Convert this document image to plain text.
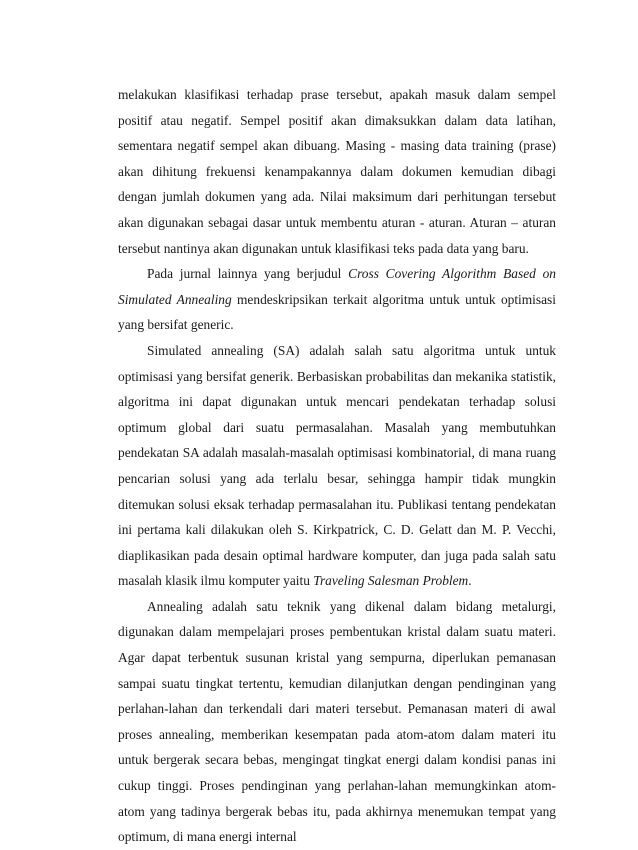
melakukan klasifikasi terhadap prase tersebut, apakah masuk dalam sempel positif atau negatif. Sempel positif akan dimaksukkan dalam data latihan, sementara negatif sempel akan dibuang. Masing - masing data training (prase) akan dihitung frekuensi kenampakannya dalam dokumen kemudian dibagi dengan jumlah dokumen yang ada. Nilai maksimum dari perhitungan tersebut akan digunakan sebagai dasar untuk membentu aturan - aturan. Aturan – aturan tersebut nantinya akan digunakan untuk klasifikasi teks pada data yang baru.

Pada jurnal lainnya yang berjudul Cross Covering Algorithm Based on Simulated Annealing mendeskripsikan terkait algoritma untuk untuk optimisasi yang bersifat generic.

Simulated annealing (SA) adalah salah satu algoritma untuk untuk optimisasi yang bersifat generik. Berbasiskan probabilitas dan mekanika statistik, algoritma ini dapat digunakan untuk mencari pendekatan terhadap solusi optimum global dari suatu permasalahan. Masalah yang membutuhkan pendekatan SA adalah masalah-masalah optimisasi kombinatorial, di mana ruang pencarian solusi yang ada terlalu besar, sehingga hampir tidak mungkin ditemukan solusi eksak terhadap permasalahan itu. Publikasi tentang pendekatan ini pertama kali dilakukan oleh S. Kirkpatrick, C. D. Gelatt dan M. P. Vecchi, diaplikasikan pada desain optimal hardware komputer, dan juga pada salah satu masalah klasik ilmu komputer yaitu Traveling Salesman Problem.

Annealing adalah satu teknik yang dikenal dalam bidang metalurgi, digunakan dalam mempelajari proses pembentukan kristal dalam suatu materi. Agar dapat terbentuk susunan kristal yang sempurna, diperlukan pemanasan sampai suatu tingkat tertentu, kemudian dilanjutkan dengan pendinginan yang perlahan-lahan dan terkendali dari materi tersebut. Pemanasan materi di awal proses annealing, memberikan kesempatan pada atom-atom dalam materi itu untuk bergerak secara bebas, mengingat tingkat energi dalam kondisi panas ini cukup tinggi. Proses pendinginan yang perlahan-lahan memungkinkan atom-atom yang tadinya bergerak bebas itu, pada akhirnya menemukan tempat yang optimum, di mana energi internal
